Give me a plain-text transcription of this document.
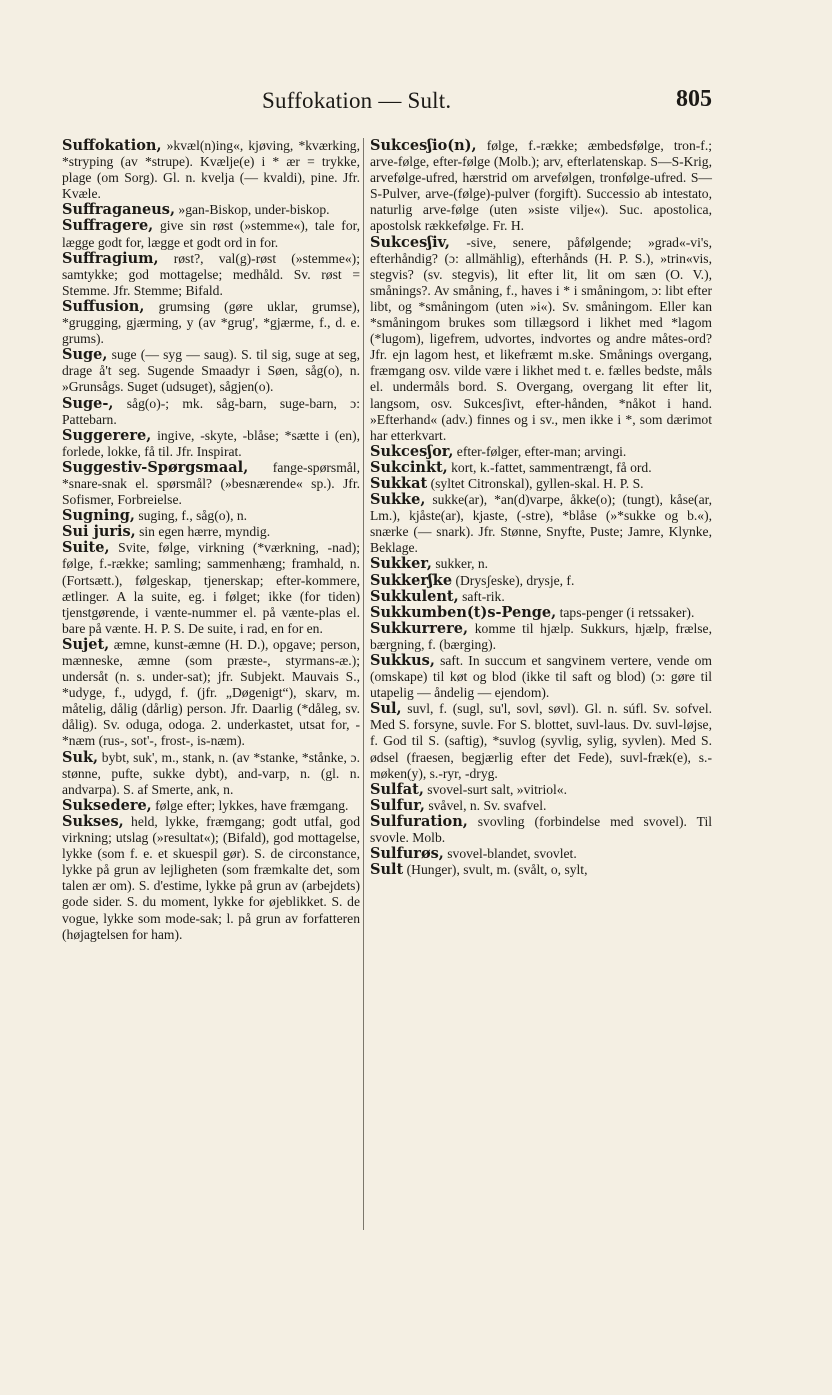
Suffokation — Sult.	805

Suffokation, »kvæl(n)ing«, kjøving, *kværking, *stryping (av *strupe). Kvælje(e) i * ær = trykke, plage (om Sorg). Gl. n. kvelja (— kvaldi), pine. Jfr. Kvæle.

Suffraganeus, »gan-Biskop, under-biskop.

Suffragere, give sin røst (»stemme«), tale for, lægge godt for, lægge et godt ord in for.

Suffragium, røst?, val(g)-røst (»stemme«); samtykke; god mottagelse; medhåld. Sv. røst = Stemme. Jfr. Stemme; Bifald.

Suffusion, grumsing (gøre uklar, grumse), *grugging, gjærming, y (av *grug', *gjærme, f., d. e. grums).

Suge, suge (— syg — saug). S. til sig, suge at seg, drage å't seg. Sugende Smaadyr i Søen, såg(o), n. »Grunsågs. Suget (udsuget), sågjen(o).

Suge-, såg(o)-; mk. såg-barn, suge-barn, ɔ: Pattebarn.

Suggerere, ingive, -skyte, -blåse; *sætte i (en), forlede, lokke, få til. Jfr. Inspirat.

Suggestiv-Spørgsmaal, fange-spørsmål, *snare-snak el. spørsmål? (»besnærende« sp.). Jfr. Sofismer, Forbreielse.

Sugning, suging, f., såg(o), n.

Sui juris, sin egen hærre, myndig.

Suite, Svite, følge, virkning (*værkning, -nad); følge, f.-række; samling; sammenhæng; framhald, n. (Fortsætt.), følgeskap, tjenerskap; efter-kommere, ætlinger. A la suite, eg. i følget; ikke (for tiden) tjenstgørende, i vænte-nummer el. på vænte-plas el. bare på vænte. H. P. S. De suite, i rad, en for en.

Sujet, æmne, kunst-æmne (H. D.), opgave; person, mænneske, æmne (som præste-, styrmans-æ.); undersåt (n. s. under-sat); jfr. Subjekt. Mauvais S., *udyge, f., udygd, f. (jfr. „Døgenigt“), skarv, m. måtelig, dålig (dårlig) person. Jfr. Daarlig (*dåleg, sv. dålig). Sv. oduga, odoga. 2. underkastet, utsat for, -*næm (rus-, sot'-, frost-, is-næm).

Suk, bybt, suk', m., stank, n. (av *stanke, *stånke, ɔ. stønne, pufte, sukke dybt), and-varp, n. (gl. n. andvarpa). S. af Smerte, ank, n.

Suksedere, følge efter; lykkes, have fræmgang.

Sukses, held, lykke, fræmgang; godt utfal, god virkning; utslag (»resultat«); (Bifald), god mottagelse, lykke (som f. e. et skuespil gør). S. de circonstance, lykke på grun av lejligheten (som fræmkalte det, som talen ær om). S. d'estime, lykke på grun av (arbejdets) gode sider. S. du moment, lykke for øjeblikket. S. de vogue, lykke som mode-sak; l. på grun av forfatteren (højagtelsen for ham).

Sukcesʃio(n), følge, f.-række; æmbedsfølge, tron-f.; arve-følge, efter-følge (Molb.); arv, efterlatenskap. S—S-Krig, arvefølge-ufred, hærstrid om arvefølgen, tronfølge-ufred. S—S-Pulver, arve-(følge)-pulver (forgift). Successio ab intestato, naturlig arve-følge (uten »siste vilje«). Suc. apostolica, apostolsk rækkefølge. Fr. H.

Sukcesʃiv, -sive, senere, påfølgende; »grad«-vi's, efterhåndig? (ɔ: allmählig), efterhånds (H. P. S.), »trin«vis, stegvis? (sv. stegvis), lit efter lit, lit om sæn (O. V.), smånings?. Av småning, f., haves i * i småningom, ɔ: libt efter libt, og *småningom (uten »i«). Sv. småningom. Eller kan *småningom brukes som tillægsord i likhet med *lagom (*lugom), ligefrem, udvortes, indvortes og andre måtes-ord? Jfr. ejn lagom hest, et likefræmt m.ske. Smånings overgang, fræmgang osv. vilde være i likhet med t. e. fælles bedste, måls el. undermåls bord. S. Overgang, overgang lit efter lit, langsom, osv. Sukcesʃivt, efter-hånden, *nåkot i hand. »Efterhand« (adv.) finnes og i sv., men ikke i *, som dærimot har etterkvart.

Sukcesʃor, efter-følger, efter-man; arvingi.

Sukcinkt, kort, k.-fattet, sammentrængt, få ord.

Sukkat (syltet Citronskal), gyllen-skal. H. P. S.

Sukke, sukke(ar), *an(d)varpe, åkke(o); (tungt), kåse(ar, Lm.), kjåste(ar), kjaste, (-stre), *blåse (»*sukke og b.«), snærke (— snark). Jfr. Stønne, Snyfte, Puste; Jamre, Klynke, Beklage.

Sukker, sukker, n.

Sukkerʃke (Drysʃeske), drysje, f.

Sukkulent, saft-rik.

Sukkumben(t)s-Penge, taps-penger (i retssaker).

Sukkurrere, komme til hjælp. Sukkurs, hjælp, frælse, bærgning, f. (bærging).

Sukkus, saft. In succum et sangvinem vertere, vende om (omskape) til køt og blod (ikke til saft og blod) (ɔ: gøre til utapelig — åndelig — ejendom).

Sul, suvl, f. (sugl, su'l, sovl, søvl). Gl. n. súfl. Sv. sofvel. Med S. forsyne, suvle. For S. blottet, suvl-laus. Dv. suvl-løjse, f. God til S. (saftig), *suvlog (syvlig, sylig, syvlen). Med S. ødsel (fraesen, begjærlig efter det Fede), suvl-fræk(e), s.-møken(y), s.-ryr, -dryg.

Sulfat, svovel-surt salt, »vitriol«.

Sulfur, svåvel, n. Sv. svafvel.

Sulfuration, svovling (forbindelse med svovel). Til svovle. Molb.

Sulfurøs, svovel-blandet, svovlet.

Sult (Hunger), svult, m. (svålt, o, sylt,
